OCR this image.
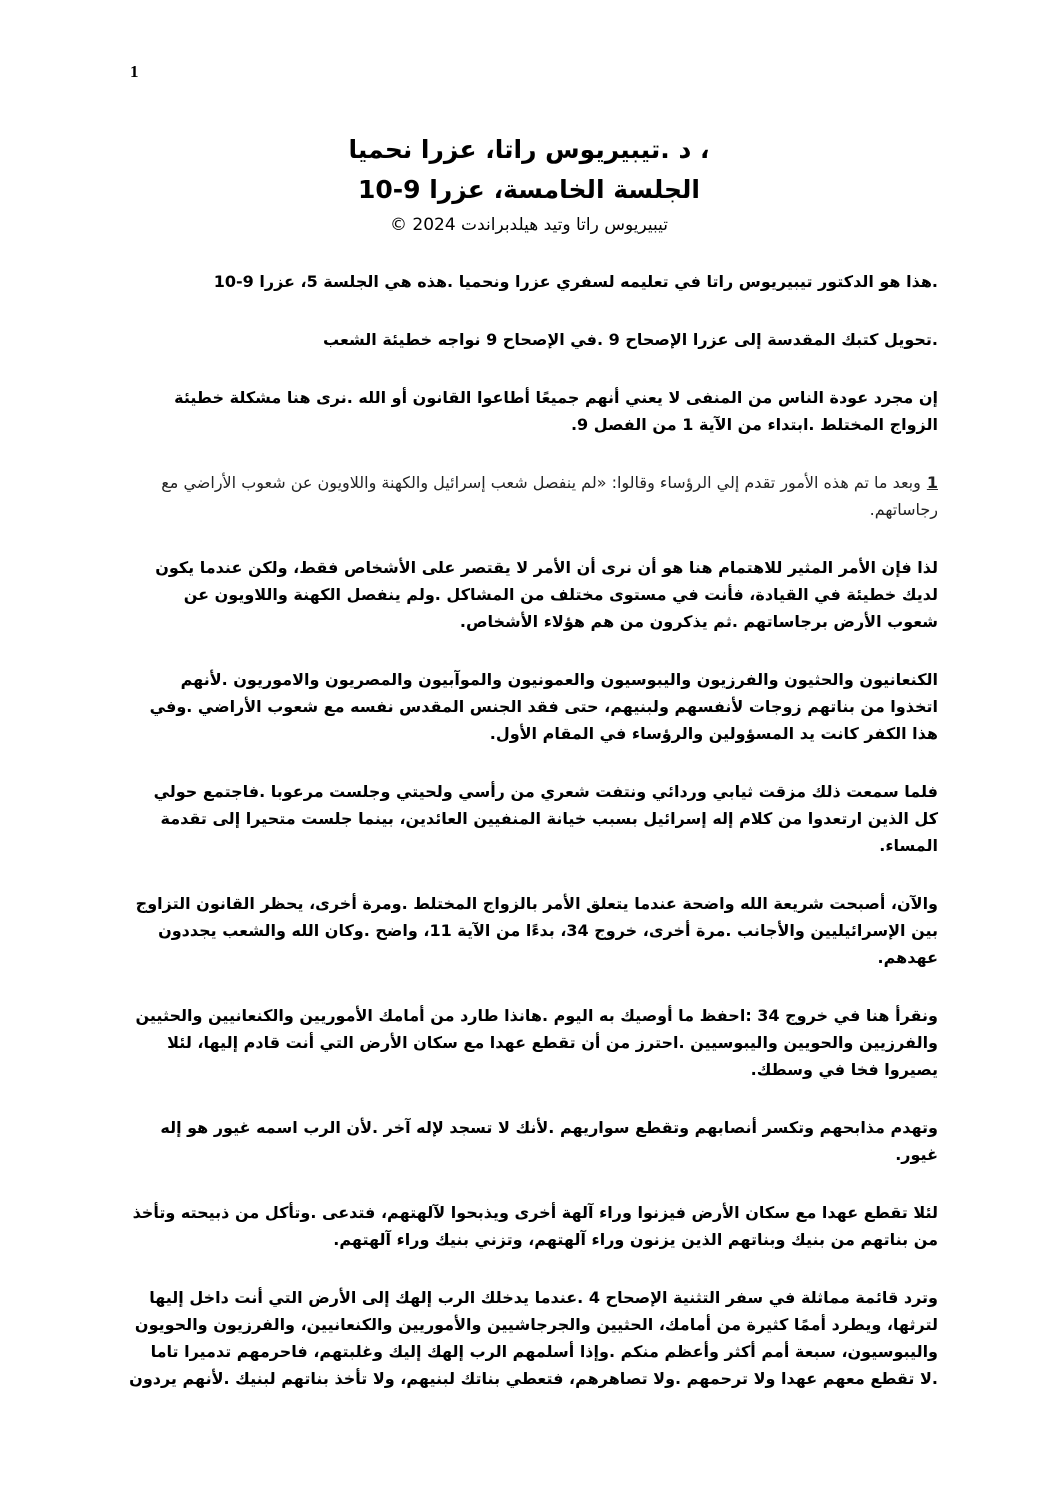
1

، د .تيبيريوس راتا، عزرا نحميا

الجلسة الخامسة، عزرا 9-10

تيبيريوس راتا وتيد هيلدبراندت 2024 ©

.هذا هو الدكتور تيبيريوس راتا في تعليمه لسفري عزرا ونحميا .هذه هي الجلسة 5، عزرا 9-10

.تحويل كتبك المقدسة إلى عزرا الإصحاح 9 .في الإصحاح 9 نواجه خطيئة الشعب

إن مجرد عودة الناس من المنفى لا يعني أنهم جميعًا أطاعوا القانون أو الله .نرى هنا مشكلة خطيئة الزواج المختلط .ابتداء من الآية 1 من الفصل 9.

1وبعد ما تم هذه الأمور تقدم إلي الرؤساء وقالوا: «لم ينفصل شعب إسرائيل والكهنة واللاويون عن شعوب الأراضي مع رجاساتهم.

لذا فإن الأمر المثير للاهتمام هنا هو أن نرى أن الأمر لا يقتصر على الأشخاص فقط، ولكن عندما يكون لديك خطيئة في القيادة، فأنت في مستوى مختلف من المشاكل .ولم ينفصل الكهنة واللاويون عن شعوب الأرض برجاساتهم .ثم يذكرون من هم هؤلاء الأشخاص.

الكنعانيون والحثيون والفرزيون واليبوسيون والعمونيون والموآبيون والمصريون والاموريون .لأنهم اتخذوا من بناتهم زوجات لأنفسهم ولبنيهم، حتى فقد الجنس المقدس نفسه مع شعوب الأراضي .وفي هذا الكفر كانت يد المسؤولين والرؤساء في المقام الأول.

فلما سمعت ذلك مزقت ثيابي وردائي ونتفت شعري من رأسي ولحيتي وجلست مرعوبا .فاجتمع حولي كل الذين ارتعدوا من كلام إله إسرائيل بسبب خيانة المنفيين العائدين، بينما جلست متحيرا إلى تقدمة المساء.

والآن، أصبحت شريعة الله واضحة عندما يتعلق الأمر بالزواج المختلط .ومرة أخرى، يحظر القانون التزاوج بين الإسرائيليين والأجانب .مرة أخرى، خروج 34، بدءًا من الآية 11، واضح .وكان الله والشعب يجددون عهدهم.

ونقرأ هنا في خروج 34 :احفظ ما أوصيك به اليوم .هانذا طارد من أمامك الأموريين والكنعانيين والحثيين والفرزيين والحويين واليبوسيين .احترز من أن تقطع عهدا مع سكان الأرض التي أنت قادم إليها، لئلا يصيروا فخا في وسطك.

وتهدم مذابحهم وتكسر أنصابهم وتقطع سواريهم .لأنك لا تسجد لإله آخر .لأن الرب اسمه غيور هو إله غيور.

لئلا تقطع عهدا مع سكان الأرض فيزنوا وراء آلهة أخرى ويذبحوا لآلهتهم، فتدعى .وتأكل من ذبيحته وتأخذ من بناتهم من بنيك وبناتهم الذين يزنون وراء آلهتهم، وتزني بنيك وراء آلهتهم.

وترد قائمة مماثلة في سفر التثنية الإصحاح 4 .عندما يدخلك الرب إلهك إلى الأرض التي أنت داخل إليها لترثها، ويطرد أممًا كثيرة من أمامك، الحثيين والجرجاشيين والأموريين والكنعانيين، والفرزيون والحويون واليبوسيون، سبعة أمم أكثر وأعظم منكم .وإذا أسلمهم الرب إلهك إليك وغلبتهم، فاحرمهم تدميرا تاما .لا تقطع معهم عهدا ولا ترحمهم .ولا تصاهرهم، فتعطي بناتك لبنيهم، ولا تأخذ بناتهم لبنيك .لأنهم يردون
